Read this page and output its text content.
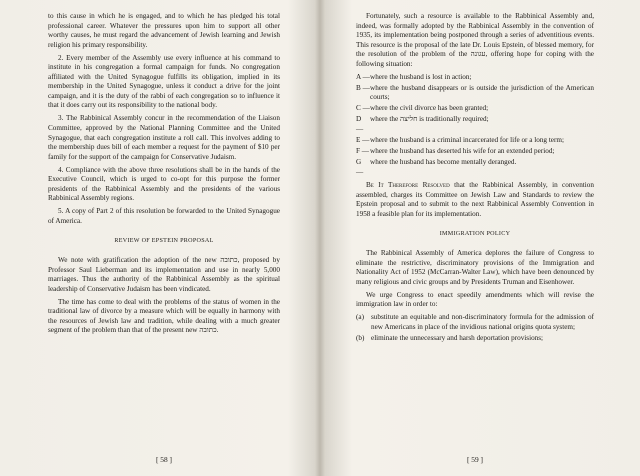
to this cause in which he is engaged, and to which he has pledged his total professional career. Whatever the pressures upon him to support all other worthy causes, he must regard the advancement of Jewish learning and Jewish religion his primary responsibility.

2. Every member of the Assembly use every influence at his command to institute in his congregation a formal campaign for funds. No congregation affiliated with the United Synagogue fulfills its obligation, implied in its membership in the United Synagogue, unless it conduct a drive for the joint campaign, and it is the duty of the rabbi of each congregation so to influence it that it does carry out its responsibility to the national body.

3. The Rabbinical Assembly concur in the recommendation of the Liaison Committee, approved by the National Planning Committee and the United Synagogue, that each congregation institute a roll call. This involves adding to the membership dues bill of each member a request for the payment of $10 per family for the support of the campaign for Conservative Judaism.

4. Compliance with the above three resolutions shall be in the hands of the Executive Council, which is urged to co-opt for this purpose the former presidents of the Rabbinical Assembly and the presidents of the various Rabbinical Assembly regions.

5. A copy of Part 2 of this resolution be forwarded to the United Synagogue of America.

REVIEW OF EPSTEIN PROPOSAL

We note with gratification the adoption of the new כתובה, proposed by Professor Saul Lieberman and its implementation and use in nearly 5,000 marriages. Thus the authority of the Rabbinical Assembly as the spiritual leadership of Conservative Judaism has been vindicated.

The time has come to deal with the problems of the status of women in the traditional law of divorce by a measure which will be equally in harmony with the resources of Jewish law and tradition, while dealing with a much greater segment of the problem than that of the present new כתובה.

[ 58 ]

Fortunately, such a resource is available to the Rabbinical Assembly and, indeed, was formally adopted by the Rabbinical Assembly in the convention of 1935, its implementation being postponed through a series of adventitious events. This resource is the proposal of the late Dr. Louis Epstein, of blessed memory, for the resolution of the problem of the עגונה, offering hope for coping with the following situation:

A — where the husband is lost in action;
B — where the husband disappears or is outside the jurisdiction of the American courts;
C — where the civil divorce has been granted;
D —
where the חליצה is traditionally required;
E — where the husband is a criminal incarcerated for life or a long term;
F — where the husband has deserted his wife for an extended period;
G —
where the husband has become mentally deranged.

Be It Therefore Resolved that the Rabbinical Assembly, in convention assembled, charges its Committee on Jewish Law and Standards to review the Epstein proposal and to submit to the next Rabbinical Assembly Convention in 1958 a feasible plan for its implementation.

IMMIGRATION POLICY

The Rabbinical Assembly of America deplores the failure of Congress to eliminate the restrictive, discriminatory provisions of the Immigration and Nationality Act of 1952 (McCarran-Walter Law), which have been denounced by many religious and civic groups and by Presidents Truman and Eisenhower.

We urge Congress to enact speedily amendments which will revise the immigration law in order to:

(a) substitute an equitable and non-discriminatory formula for the admission of new Americans in place of the invidious national origins quota system;
(b) eliminate the unnecessary and harsh deportation provisions;
[ 59 ]
